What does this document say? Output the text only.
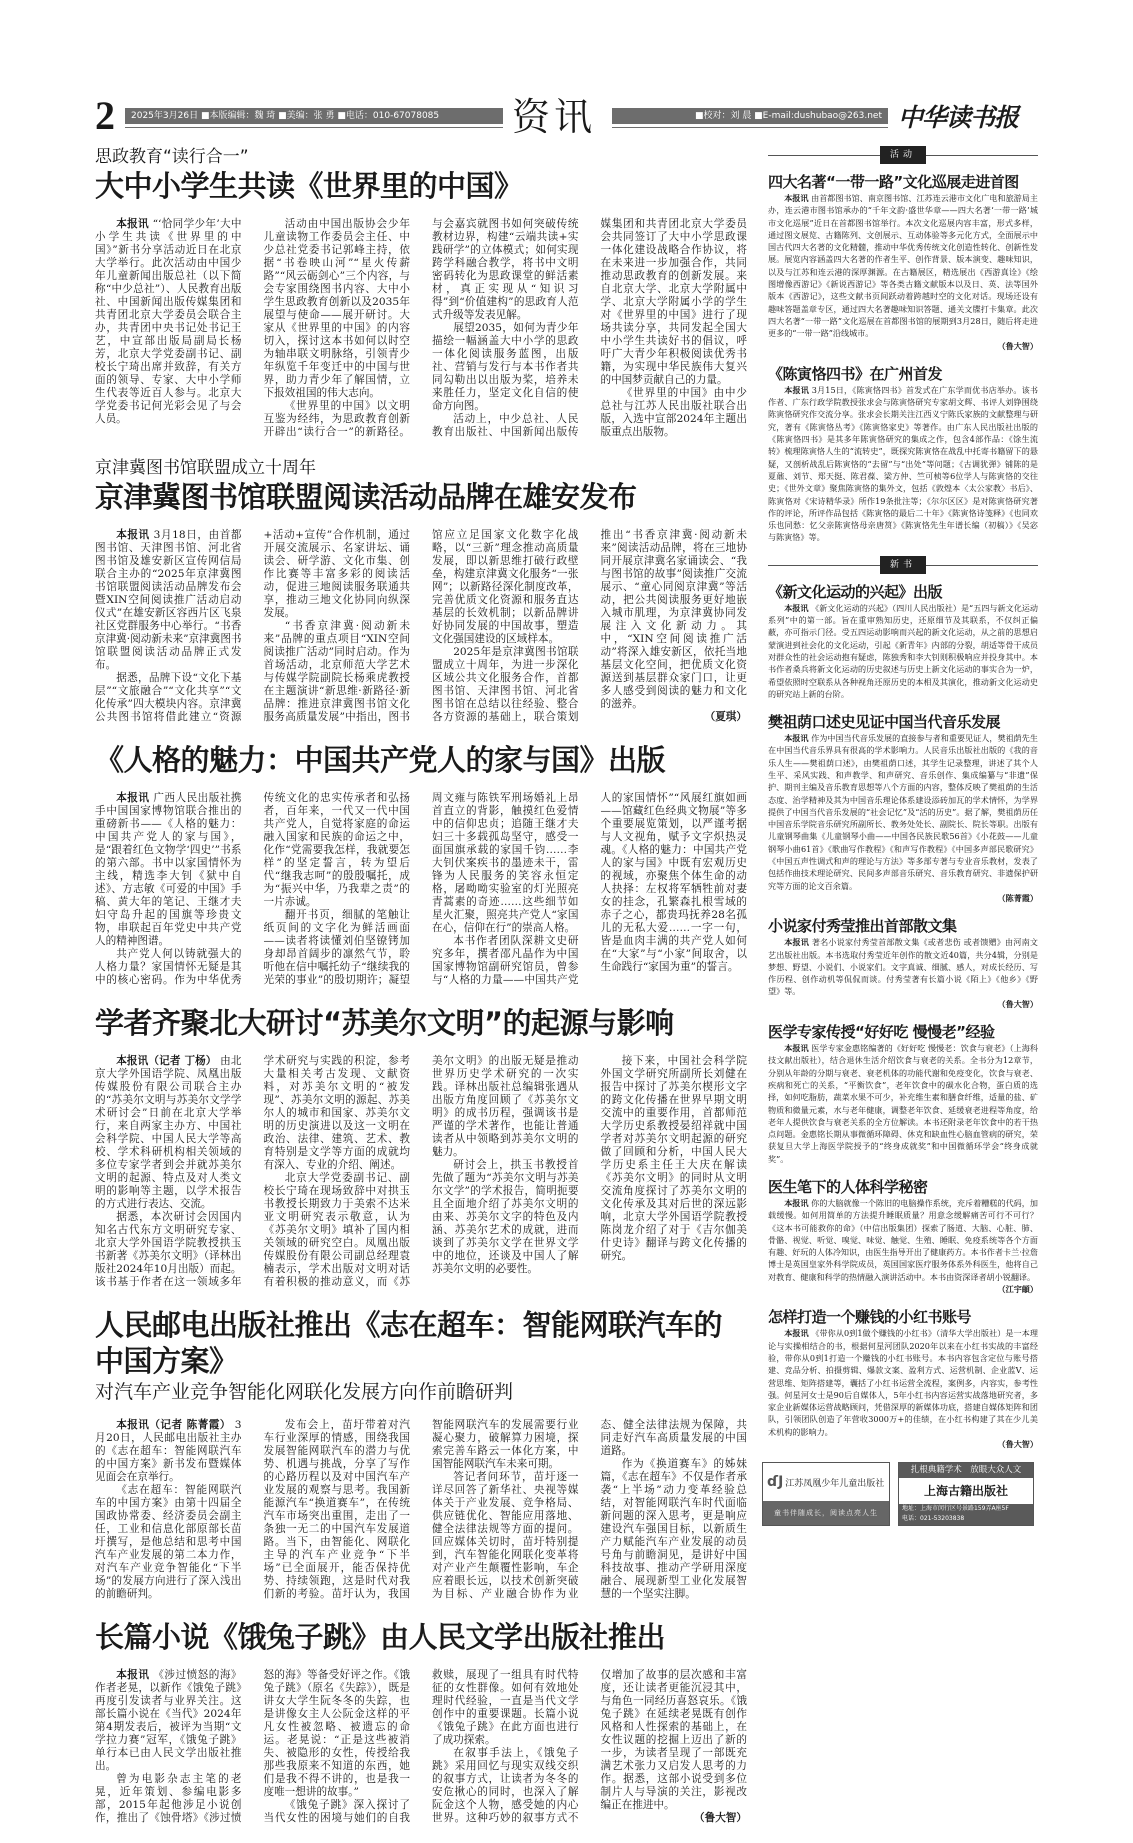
2	2025年3月26日 ■本版编辑：魏 琦 ■美编：张 勇 ■电话：010-67078085	资讯	■校对：刘 晨 ■E-mail:dushubao@263.net 中华读书报
思政教育“读行合一”
大中小学生共读《世界里的中国》

本报讯 “‘恰同学少年’大中小学生共读《世界里的中国》”新书分享活动近日在北京大学举行。此次活动由中国少年儿童新闻出版总社（以下简称“中少总社”）、人民教育出版社、中国新闻出版传媒集团和共青团北京大学委员会联合主办，共青团中央书记处书记王艺，中宣部出版局副局长杨芳，北京大学党委副书记、副校长宁琦出席并致辞，有关方面的领导、专家、大中小学师生代表等近百人参与。北京大学党委书记何光彩会见了与会人员。

活动由中国出版协会少年儿童读物工作委员会主任、中少总社党委书记郭峰主持，依据“书卷映山河”“星火传薪路”“风云砺剑心”三个内容，与会专家围绕图书内容、大中小学生思政教育创新以及2035年展望与使命——展开研讨。大家从《世界里的中国》的内容切入，探讨这本书如何以时空为轴串联文明脉络，引领青少年纵览千年变迁中的中国与世界，助力青少年了解国情，立下报效祖国的伟大志向。

《世界里的中国》以文明互鉴为经纬，为思政教育创新开辟出“读行合一”的新路径。与会嘉宾就图书如何突破传统教材边界，构建“云端共读+实践研学”的立体模式；如何实现跨学科融合教学，将书中文明密码转化为思政课堂的鲜活素材，真正实现从“知识习得”到“价值建构”的思政育人范式升级等发表见解。

展望2035，如何为青少年描绘一幅涵盖大中小学的思政一体化阅读服务蓝图，出版社、营销与发行与本书作者共同勾勒出以出版为桨，培养未来胜任力，坚定文化自信的使命方向图。

活动上，中少总社、人民教育出版社、中国新闻出版传媒集团和共青团北京大学委员会共同签订了大中小学思政课一体化建设战略合作协议，将在未来进一步加强合作，共同推动思政教育的创新发展。来自北京大学、北京大学附属中学、北京大学附属小学的学生对《世界里的中国》进行了现场共读分享，共同发起全国大中小学生共读好书的倡议，呼吁广大青少年积极阅读优秀书籍，为实现中华民族伟大复兴的中国梦贡献自己的力量。

《世界里的中国》由中少总社与江苏人民出版社联合出版，入选中宣部2024年主题出版重点出版物。

京津冀图书馆联盟成立十周年
京津冀图书馆联盟阅读活动品牌在雄安发布

本报讯 3月18日，由首都图书馆、天津图书馆、河北省图书馆及雄安新区宣传网信局联合主办的“2025年京津冀图书馆联盟阅读活动品牌发布会暨XIN空间阅读推广活动启动仪式”在雄安新区容西片区飞泉社区党群服务中心举行。“书香京津冀·阅动新未来”京津冀图书馆联盟阅读活动品牌正式发布。

据悉，品牌下设“文化下基层”“文旅融合”“文化共享”“文化传承”四大模块内容。京津冀公共图书馆将借此建立“资源+活动+宣传”合作机制，通过开展交流展示、名家讲坛、诵读会、研学游、文化市集、创作比赛等丰富多彩的阅读活动，促进三地阅读服务联通共享，推动三地文化协同向纵深发展。

“书香京津冀·阅动新未来”品牌的重点项目“XIN空间阅读推广活动”同时启动。作为首场活动，北京师范大学艺术与传媒学院副院长杨乘虎教授在主题演讲“新思维·新路径·新品牌：推进京津冀图书馆文化服务高质量发展”中指出，图书馆应立足国家文化数字化战略，以“三新”理念推动高质量发展，即以新思维打破行政壁垒，构建京津冀文化服务“一张网”；以新路径深化制度改革，完善优质文化资源和服务直达基层的长效机制；以新品牌讲好协同发展的中国故事，塑造文化强国建设的区域样本。

2025年是京津冀图书馆联盟成立十周年，为进一步深化区域公共文化服务合作，首都图书馆、天津图书馆、河北省图书馆在总结以往经验、整合各方资源的基础上，联合策划推出“书香京津冀·阅动新未来”阅读活动品牌，将在三地协同开展京津冀名家诵读会、“我与图书馆的故事”阅读推广交流展示、“童心同阅京津冀”等活动，把公共阅读服务更好地嵌入城市肌理，为京津冀协同发展注入文化新动力。其中，“XIN空间阅读推广活动”将深入雄安新区，依托当地基层文化空间，把优质文化资源送到基层群众家门口，让更多人感受到阅读的魅力和文化的滋养。

（夏琪）
《人格的魅力：中国共产党人的家与国》出版

本报讯 广西人民出版社携手中国国家博物馆联合推出的重磅新书——《人格的魅力：中国共产党人的家与国》，是“跟着红色文物学‘四史’”书系的第六部。书中以家国情怀为主线，精选李大钊《狱中自述》、方志敏《可爱的中国》手稿、黄大年的笔记、王继才夫妇守岛升起的国旗等珍贵文物，串联起百年党史中共产党人的精神图谱。

共产党人何以铸就强大的人格力量？家国情怀无疑是其中的核心密码。作为中华优秀传统文化的忠实传承者和弘扬者，百年来，一代又一代中国共产党人，自觉将家庭的命运融入国家和民族的命运之中，化作“党需要我怎样，我就要怎样”的坚定誓言，转为望后代“继我志呵”的殷殷嘱托，成为“振兴中华，乃我辈之责”的一片赤诚。

翻开书页，细腻的笔触让纸页间的文字化为鲜活画面——读者将读懂刘伯坚镣铐加身却昂首阔步的凛然气节，聆听他在信中嘱托幼子“继续我的光荣的事业”的殷切期许；凝望周文雍与陈铁军刑场婚礼上昂首直立的背影，触摸红色爱情中的信仰忠贞；追随王继才夫妇三十多载孤岛坚守，感受一面国旗承载的家国千钧……李大钊伏案疾书的墨迹未干，雷锋为人民服务的笑容永恒定格，屠呦呦实验室的灯光照亮青蒿素的奇迹……这些细节如星火汇聚，照亮共产党人“家国在心，信仰在行”的崇高人格。

本书作者团队深耕文史研究多年，撰者邵凡晶作为中国国家博物馆副研究馆员，曾参与“人格的力量——中国共产党人的家国情怀”“风展红旗如画——馆藏红色经典文物展”等多个重要展览策划，以严谨考据与人文视角，赋予文字炽热灵魂。《人格的魅力：中国共产党人的家与国》中既有宏观历史的视域，亦聚焦个体生命的动人抉择：左权将军牺牲前对妻女的挂念，孔繁森扎根雪域的赤子之心，都贵玛抚养28名孤儿的无私大爱……一字一句，皆是血肉丰满的共产党人如何在“大家”与“小家”间取舍，以生命践行“家国为重”的誓言。

学者齐聚北大研讨“苏美尔文明”的起源与影响

本报讯（记者 丁杨） 由北京大学外国语学院、凤凰出版传媒股份有限公司联合主办的“苏美尔文明与苏美尔文学学术研讨会”日前在北京大学举行，来自两家主办方、中国社会科学院、中国人民大学等高校、学术科研机构相关领域的多位专家学者到会并就苏美尔文明的起源、特点及对人类文明的影响等主题，以学术报告的方式进行表达、交流。

据悉，本次研讨会因国内知名古代东方文明研究专家、北京大学外国语学院教授拱玉书新著《苏美尔文明》（译林出版社2024年10月出版）而起。该书基于作者在这一领域多年学术研究与实践的积淀，参考大量相关考古发现、文献资料，对苏美尔文明的“被发现”、苏美尔文明的源起、苏美尔人的城市和国家、苏美尔文明的历史演进以及这一文明在政治、法律、建筑、艺术、教育特别是文学等方面的成就均有深入、专业的介绍、阐述。

北京大学党委副书记、副校长宁琦在现场致辞中对拱玉书教授长期致力于美索不达米亚文明研究表示敬意，认为《苏美尔文明》填补了国内相关领域的研究空白。凤凰出版传媒股份有限公司副总经理袁楠表示，学术出版对文明对话有着积极的推动意义，而《苏美尔文明》的出版无疑是推动世界历史学术研究的一次实践。译林出版社总编辑张遇从出版方角度回顾了《苏美尔文明》的成书历程，强调该书是严谨的学术著作，也能让普通读者从中领略到苏美尔文明的魅力。

研讨会上，拱玉书教授首先做了题为“苏美尔文明与苏美尔文学”的学术报告，简明扼要且全面地介绍了苏美尔文明的由来、苏美尔文字的特色及内涵、苏美尔艺术的成就，进而谈到了苏美尔文学在世界文学中的地位，还谈及中国人了解苏美尔文明的必要性。

接下来，中国社会科学院外国文学研究所副所长刘健在报告中探讨了苏美尔楔形文字的跨文化传播在世界早期文明交流中的重要作用，首都师范大学历史系教授晏绍祥就中国学者对苏美尔文明起源的研究做了回顾和分析，中国人民大学历史系主任王大庆在解读《苏美尔文明》的同时从文明交流角度探讨了苏美尔文明的文化传承及其对后世的深远影响，北京大学外国语学院教授陈岗龙介绍了对于《吉尔伽美什史诗》翻译与跨文化传播的研究。

人民邮电出版社推出《志在超车：智能网联汽车的中国方案》
对汽车产业竞争智能化网联化发展方向作前瞻研判

本报讯（记者 陈菁霞） 3月20日，人民邮电出版社主办的《志在超车：智能网联汽车的中国方案》新书发布暨媒体见面会在京举行。

《志在超车：智能网联汽车的中国方案》由第十四届全国政协常委、经济委员会副主任，工业和信息化部原部长苗圩撰写，是他总结和思考中国汽车产业发展的第二本力作，对汽车产业竞争智能化“下半场”的发展方向进行了深入浅出的前瞻研判。

发布会上，苗圩带着对汽车行业深厚的情感，围绕我国发展智能网联汽车的潜力与优势、机遇与挑战，分享了写作的心路历程以及对中国汽车产业发展的观察与思考。我国新能源汽车“换道赛车”，在传统汽车市场突出重围，走出了一条独一无二的中国汽车发展道路。当下，由智能化、网联化主导的汽车产业竞争“下半场”已全面展开，能否保持优势、持续领跑，这是时代对我们新的考验。苗圩认为，我国智能网联汽车的发展需要行业凝心聚力，破解算力困境，探索完善车路云一体化方案，中国智能网联汽车未来可期。

答记者问环节，苗圩逐一详尽回答了新华社、央视等媒体关于产业发展、竞争格局、供应链优化、智能应用落地、健全法律法规等方面的提问。回应媒体关切时，苗圩特别提到，汽车智能化网联化变革将对产业产生颠覆性影响，车企应着眼长远，以技术创新突破为目标、产业融合协作为业态、健全法律法规为保障，共同走好汽车高质量发展的中国道路。

作为《换道赛车》的姊妹篇，《志在超车》不仅是作者承袭“上半场”动力变革经验总结，对智能网联汽车时代面临新问题的深入思考，更是响应建设汽车强国目标，以新质生产力赋能汽车产业发展的动员号角与前瞻洞见，是讲好中国科技故事、推动产学研用深度融合、展现新型工业化发展智慧的一个坚实注脚。

长篇小说《饿兔子跳》由人民文学出版社推出

本报讯 《涉过愤怒的海》作者老晃，以新作《饿兔子跳》再度引发读者与业界关注。这部长篇小说在《当代》2024年第4期发表后，被评为当期“文学拉力赛”冠军，《饿兔子跳》单行本已由人民文学出版社推出。

曾为电影杂志主笔的老晃，近年策划、参编电影多部，2015年起他涉足小说创作，推出了《蚀骨塔》《涉过愤怒的海》等备受好评之作。《饿兔子跳》（原名《失踪》），既是讲女大学生阮冬冬的失踪，也是讲像女主人公阮金这样的平凡女性被忽略、被遗忘的命运。老晃说：“正是这些被消失、被隐形的女性，传授给我那些我原来不知道的东西，她们是我不得不讲的，也是我一度唯一想讲的故事。”

《饿兔子跳》深入探讨了当代女性的困境与她们的自我救赎，展现了一组具有时代特征的女性群像。如何有效地处理时代经验，一直是当代文学创作中的重要课题。长篇小说《饿兔子跳》在此方面也进行了成功探索。

在叙事手法上，《饿兔子跳》采用回忆与现实双线交织的叙事方式，让读者为冬冬的安危揪心的同时，也深入了解阮金这个人物，感受她的内心世界。这种巧妙的叙事方式不仅增加了故事的层次感和丰富度，还让读者更能沉浸其中，与角色一同经历喜怒哀乐。《饿兔子跳》在延续老晃既有创作风格和人性探索的基础上，在女性议题的挖掘上迈出了新的一步，为读者呈现了一部既充满艺术张力又启发人思考的力作。据悉，这部小说受到多位制片人与导演的关注，影视改编正在推进中。

（鲁大智）
活动
四大名著“一带一路”文化巡展走进首图

本报讯 由首都图书馆、南京图书馆、江苏连云港市文化广电和旅游局主办，连云港市图书馆承办的“千年文韵·盛世华章——四大名著‘一带一路’城市文化巡展”近日在首都图书馆举行。本次文化巡展内容丰富，形式多样，通过图文展览、古籍陈列、文创展示、互动体验等多元化方式，全面展示中国古代四大名著的文化精髓，推动中华优秀传统文化创造性转化、创新性发展。展览内容涵盖四大名著的作者生平、创作背景、版本演变、趣味知识，以及与江苏和连云港的深厚渊源。在古籍展区，精选展出《西游真诠》《绘图增像西游记》《新说西游记》等各类古籍文献版本以及日、英、法等国外版本《西游记》，这些文献书页间跃动着跨越时空的文化对话。现场还设有趣味答题盖章专区，通过四大名著趣味知识答题、通关文牒打卡集章。此次四大名著“一带一路”文化巡展在首都图书馆的展期到3月28日，随后将走进更多的“一带一路”沿线城市。

（鲁大智）
《陈寅恪四书》在广州首发

本报讯 3月15日，《陈寅恪四书》首发式在广东学而优书店举办。该书作者、广东行政学院教授张求会与陈寅恪研究专家胡文辉、书评人刘铮围绕陈寅恪研究作交流分享。张求会长期关注江西义宁陈氏家族的文献整理与研究，著有《陈寅恪丛考》《陈寅恪家史》等著作。由广东人民出版社出版的《陈寅恪四书》是其多年陈寅恪研究的集成之作，包含4部作品：《馀生流转》梳理陈寅恪人生的“流转史”，既探究陈寅恪在战乱中托寄书籍留下的悬疑，又剖析战乱后陈寅恪的“去留”与“出处”等问题；《古调犹弹》铺陈的是夏鼐、刘节、郑天挺、陈君葆、梁方仲、竺可桢等6位学人与陈寅恪的交往史；《世外文章》聚焦陈寅恪的集外文，包括《敦煌本〈太公家教〉书后》、陈寅恪对《宋诗精华录》所作19条批注等；《尔尔区区》是对陈寅恪研究著作的评论，所评作品包括《陈寅恪的最后二十年》《陈寅恪诗笺释》《也同欢乐也同愁：忆父亲陈寅恪母亲唐筼》《陈寅恪先生年谱长编（初稿）》《吴宓与陈寅恪》等。

新书
《新文化运动的兴起》出版

本报讯 《新文化运动的兴起》（四川人民出版社）是“五四与新文化运动系列”中的第一部。旨在重审熟知历史，还原细节及其联系，不仅纠正偏蔽，亦可指示门径。受五四运动影响而兴起的新文化运动，从之前的思想启蒙演进到社会化的文化运动，引起《新青年》内部的分裂，胡适等骨干成员对群众性的社会运动抱有疑虑，陈独秀和李大钊则积极响应并投身其中。本书作者桑兵将新文化运动的历史叙述与历史上新文化运动的事实合为一炉，希望依照时空联系从各种视角还原历史的本相及其演化，推动新文化运动史的研究站上新的台阶。

樊祖荫口述史见证中国当代音乐发展

本报讯 作为中国当代音乐发展的直接参与者和重要见证人，樊祖荫先生在中国当代音乐界具有很高的学术影响力。人民音乐出版社出版的《我的音乐人生——樊祖荫口述》，由樊祖荫口述，其学生记录整理，讲述了其个人生平、采风实践、和声教学、和声研究、音乐创作、集成编纂与“非遗”保护、期刊主编及音乐教育思想等八个方面的内容，整体反映了樊祖荫的生活态度、治学精神及其为中国音乐理论体系建设添砖加瓦的学术情怀，为学界提供了中国当代音乐发展的“社会记忆”及“活的历史”。据了解，樊祖荫历任中国音乐学院音乐研究所副所长、教务处处长、副院长、院长等职。出版有儿童钢琴曲集《儿童钢琴小曲——中国各民族民歌56首》《小花鼓——儿童钢琴小曲61首》《歌曲写作教程》《和声写作教程》《中国多声部民歌研究》《中国五声性调式和声的理论与方法》等多部专著与专业音乐教材，发表了包括作曲技术理论研究、民间多声部音乐研究、音乐教育研究、非遗保护研究等方面的论文百余篇。

（陈菁霞）
小说家付秀莹推出首部散文集

本报讯 著名小说家付秀莹首部散文集《或者悲伤 或者馈赠》由河南文艺出版社出版。本书选取付秀莹近年创作的散文近40篇，共分4辑，分别是梦想、野望、小说们、小说家们。文字真诚、细腻、感人，对成长经历、写作历程、创作动机等侃侃而谈。付秀莹著有长篇小说《陌上》《他乡》《野望》等。

（鲁大智）
医学专家传授“好好吃 慢慢老”经验

本报讯 医学专家金惠铭编著的《好好吃 慢慢老：饮食与衰老》（上海科技文献出版社），结合退休生活介绍饮食与衰老的关系。全书分为12章节，分别从年龄的分期与衰老、衰老机体的功能代谢和免疫变化，饮食与衰老、疾病和死亡的关系，“平衡饮食”，老年饮食中的碳水化合物，蛋白质的选择，如何吃脂肪，蔬菜水果不可少，补充维生素和膳食纤维，适量的盐、矿物质和微量元素，水与老年健康，调整老年饮食、延缓衰老进程等角度，给老年人提供饮食与衰老关系的全方位解读。本书还附录老年饮食中的若干热点问题。金惠铭长期从事微循环障碍、休克和缺血性心脑血管病的研究，荣获复旦大学上海医学院授予的“终身成就奖”和中国微循环学会“终身成就奖”。

医生笔下的人体科学秘密

本报讯 你的大脑就像一个陈旧的电脑操作系统，充斥着糟糕的代码，加载缓慢。如何用简单的方法提升睡眠质量？用意念缓解痛苦可行不可行？《这本书可能救你的命》（中信出版集团）探索了肠道、大脑、心脏、肺、骨骼、视觉、听觉、嗅觉、味觉、触觉、生殖、睡眠、免疫系统等各个方面有趣、好玩的人体冷知识，由医生指导开出了健康药方。本书作者卡兰·拉詹博士是英国皇家外科学院成员，英国国家医疗服务体系外科医生，他将自己对教育、健康和科学的热情融入演讲活动中。本书由资深译者胡小锐翻译。

（江宇頔）
怎样打造一个赚钱的小红书账号

本报讯 《带你从0到1做个赚钱的小红书》（清华大学出版社）是一本理论与实操相结合的书，根据何星河团队2020年以来在小红书实战的丰富经验，带你从0到1打造一个赚钱的小红书账号。本书内容包含定位与账号搭建、竞品分析、拍摄剪辑、爆款文案、盈利方式、运营机制、企业蓝V、运营思维、矩阵搭建等，囊括了小红书运营全流程，案例多，内容实，参考性强。何星河女士是90后自媒体人，5年小红书内容运营实战落地研究者，多家企业新媒体运营战略顾问，凭借深厚的新媒体功底，搭建自媒体矩阵和团队，引领团队创造了年营收3000万+的佳绩，在小红书构建了其在少儿美术机构的影响力。

（鲁大智）
ɗJ 江苏凤凰少年儿童出版社
童书伴随成长，阅读点亮人生
扎根典籍学术　放眼大众人文
上海古籍出版社
地址：上海市闵行区号景路159弄A座5F
电话：021-53203838
